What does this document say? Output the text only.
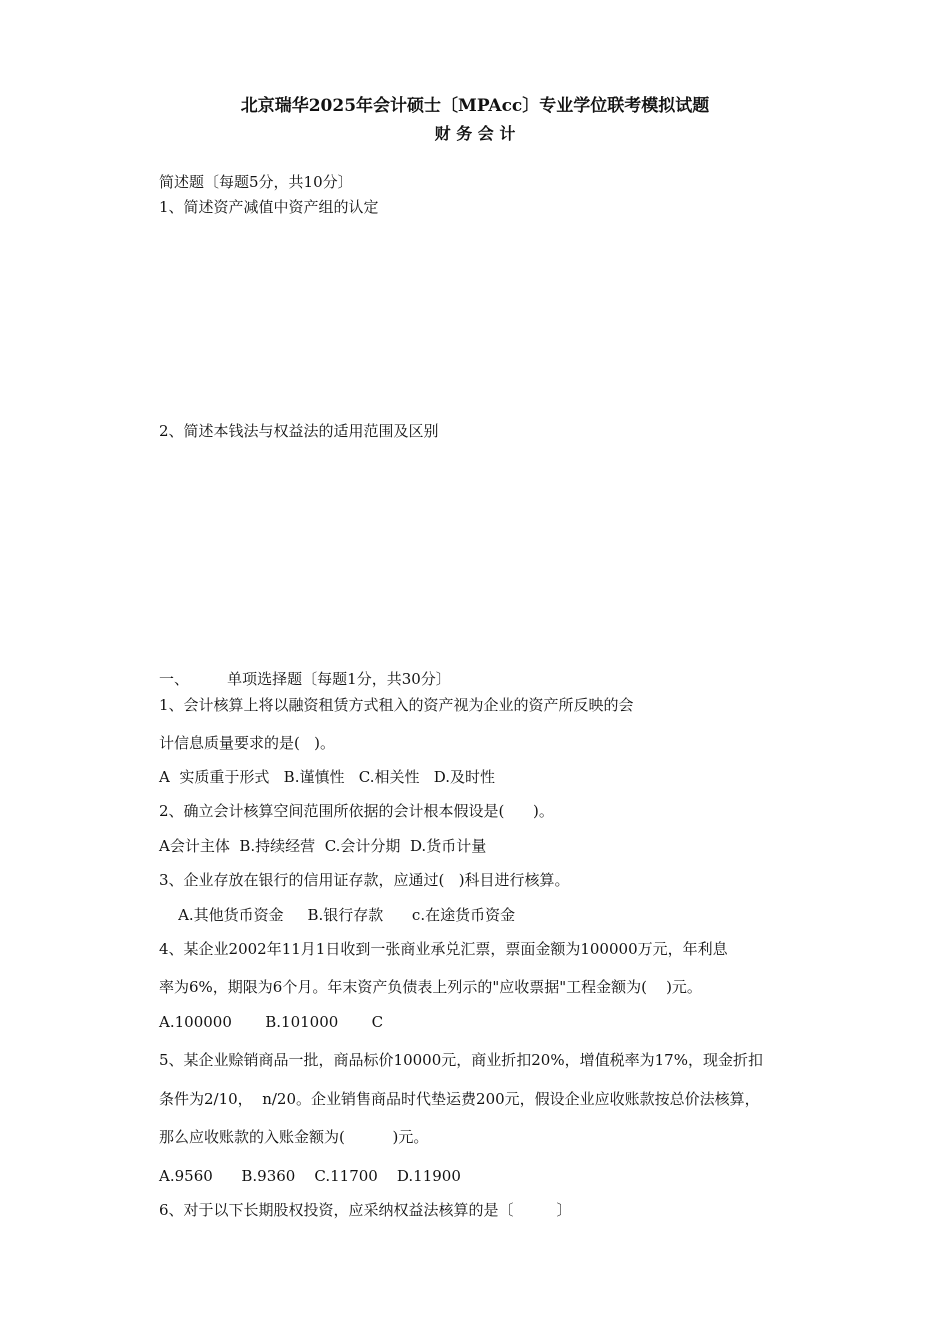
北京瑞华2025年会计硕士〔MPAcc〕专业学位联考模拟试题
财 务 会 计
简述题〔每题5分，共10分〕
1、简述资产减值中资产组的认定
2、简述本钱法与权益法的适用范围及区别
一、        单项选择题〔每题1分，共30分〕
1、会计核算上将以融资租赁方式租入的资产视为企业的资产所反映的会
计信息质量要求的是(   )。
A  实质重于形式   B.谨慎性   C.相关性   D.及时性
2、确立会计核算空间范围所依据的会计根本假设是(      )。
A会计主体  B.持续经营  C.会计分期  D.货币计量
3、企业存放在银行的信用证存款，应通过(   )科目进行核算。
A.其他货币资金     B.银行存款      c.在途货币资金
4、某企业2002年11月1日收到一张商业承兑汇票，票面金额为100000万元，年利息
率为6%，期限为6个月。年末资产负债表上列示的"应收票据"工程金额为(    )元。
A.100000       B.101000       C
5、某企业赊销商品一批，商品标价10000元，商业折扣20%，增值税率为17%，现金折扣
条件为2/10，  n/20。企业销售商品时代垫运费200元，假设企业应收账款按总价法核算，
那么应收账款的入账金额为(          )元。
A.9560      B.9360    C.11700    D.11900
6、对于以下长期股权投资，应采纳权益法核算的是〔         〕
